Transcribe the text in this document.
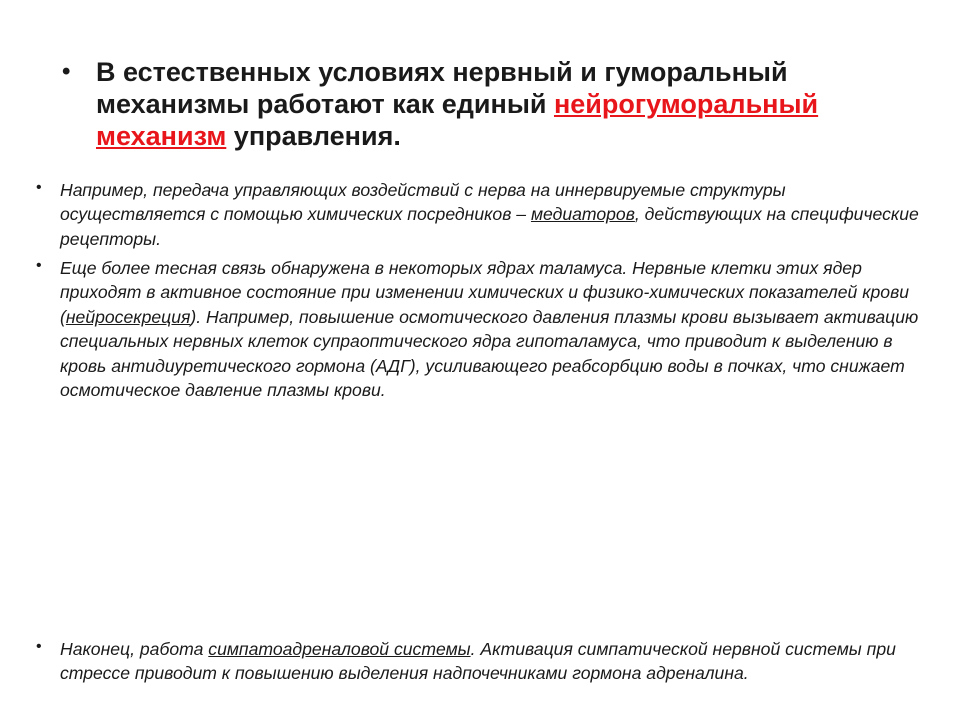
• В естественных условиях нервный и гуморальный механизмы работают как единый нейрогуморальный механизм управления.
• Например, передача управляющих воздействий с нерва на иннервируемые структуры осуществляется с помощью химических посредников – медиаторов, действующих на специфические рецепторы.
• Еще более тесная связь обнаружена в некоторых ядрах таламуса. Нервные клетки этих ядер приходят в активное состояние при изменении химических и физико-химических показателей крови (нейросекреция). Например, повышение осмотического давления плазмы крови вызывает активацию специальных нервных клеток супраоптического ядра гипоталамуса, что приводит к выделению в кровь антидиуретического гормона (АДГ), усиливающего реабсорбцию воды в почках, что снижает осмотическое давление плазмы крови.
• Наконец, работа симпатоадреналовой системы. Активация симпатической нервной системы при стрессе приводит к повышению выделения надпочечниками гормона адреналина.
